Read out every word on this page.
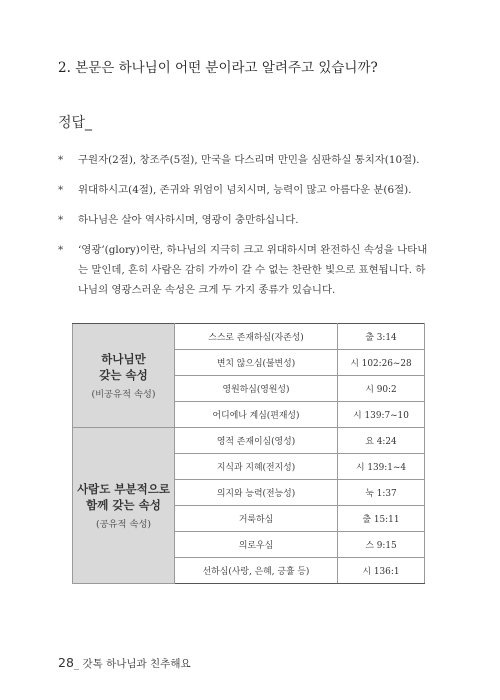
2. 본문은 하나님이 어떤 분이라고 알려주고 있습니까?
정답_
*	구원자(2절), 창조주(5절), 만국을 다스리며 만민을 심판하실 통치자(10절).
*	위대하시고(4절), 존귀와 위엄이 넘치시며, 능력이 많고 아름다운 분(6절).
*	하나님은 살아 역사하시며, 영광이 충만하십니다.
*	‘영광’(glory)이란, 하나님의 지극히 크고 위대하시며 완전하신 속성을 나타내는 말인데, 흔히 사람은 감히 가까이 갈 수 없는 찬란한 빛으로 표현됩니다. 하나님의 영광스러운 속성은 크게 두 가지 종류가 있습니다.
하나님만
갖는 속성
(비공유적 속성)	스스로 존재하심(자존성)	출 3:14
	변치 않으심(불변성)	시 102:26~28
	영원하심(영원성)	시 90:2
	어디에나 계심(편재성)	시 139:7~10

사람도 부분적으로
함께 갖는 속성
(공유적 속성)	영적 존재이심(영성)	요 4:24
	지식과 지혜(전지성)	시 139:1~4
	의지와 능력(전능성)	눅 1:37
	거룩하심	출 15:11
	의로우심	스 9:15
	선하심(사랑, 은혜, 긍휼 등)	시 136:1
28_ 갓톡 하나님과 친추해요
